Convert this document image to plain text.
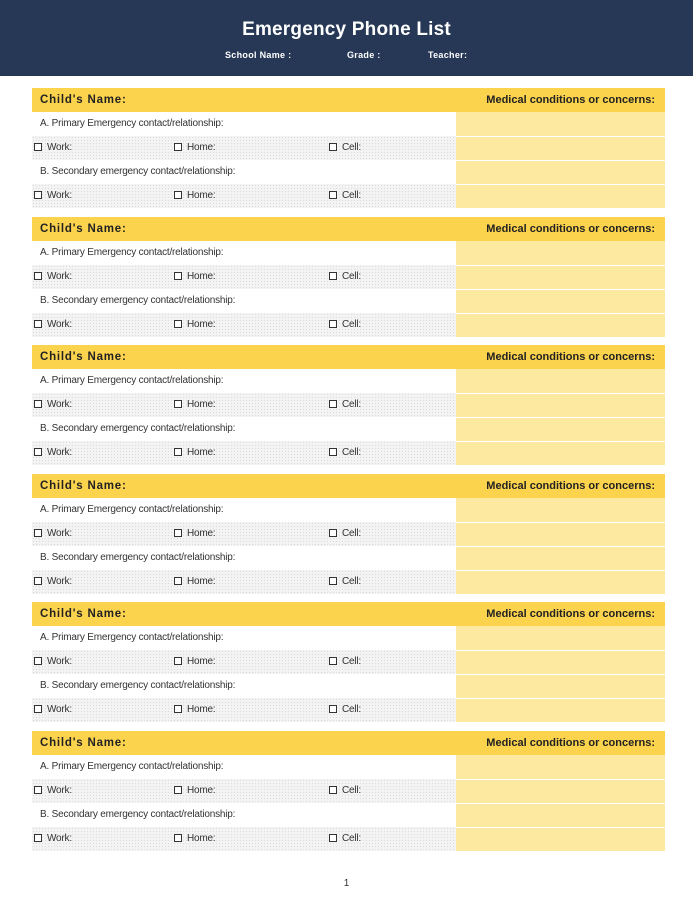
Emergency Phone List
School Name :	Grade :	Teacher:
Child's Name:	Medical conditions or concerns:
A. Primary Emergency contact/relationship:
Work:	Home:	Cell:
B. Secondary emergency contact/relationship:
Work:	Home:	Cell:
Child's Name:	Medical conditions or concerns:
A. Primary Emergency contact/relationship:
Work:	Home:	Cell:
B. Secondary emergency contact/relationship:
Work:	Home:	Cell:
Child's Name:	Medical conditions or concerns:
A. Primary Emergency contact/relationship:
Work:	Home:	Cell:
B. Secondary emergency contact/relationship:
Work:	Home:	Cell:
Child's Name:	Medical conditions or concerns:
A. Primary Emergency contact/relationship:
Work:	Home:	Cell:
B. Secondary emergency contact/relationship:
Work:	Home:	Cell:
Child's Name:	Medical conditions or concerns:
A. Primary Emergency contact/relationship:
Work:	Home:	Cell:
B. Secondary emergency contact/relationship:
Work:	Home:	Cell:
Child's Name:	Medical conditions or concerns:
A. Primary Emergency contact/relationship:
Work:	Home:	Cell:
B. Secondary emergency contact/relationship:
Work:	Home:	Cell:
1
